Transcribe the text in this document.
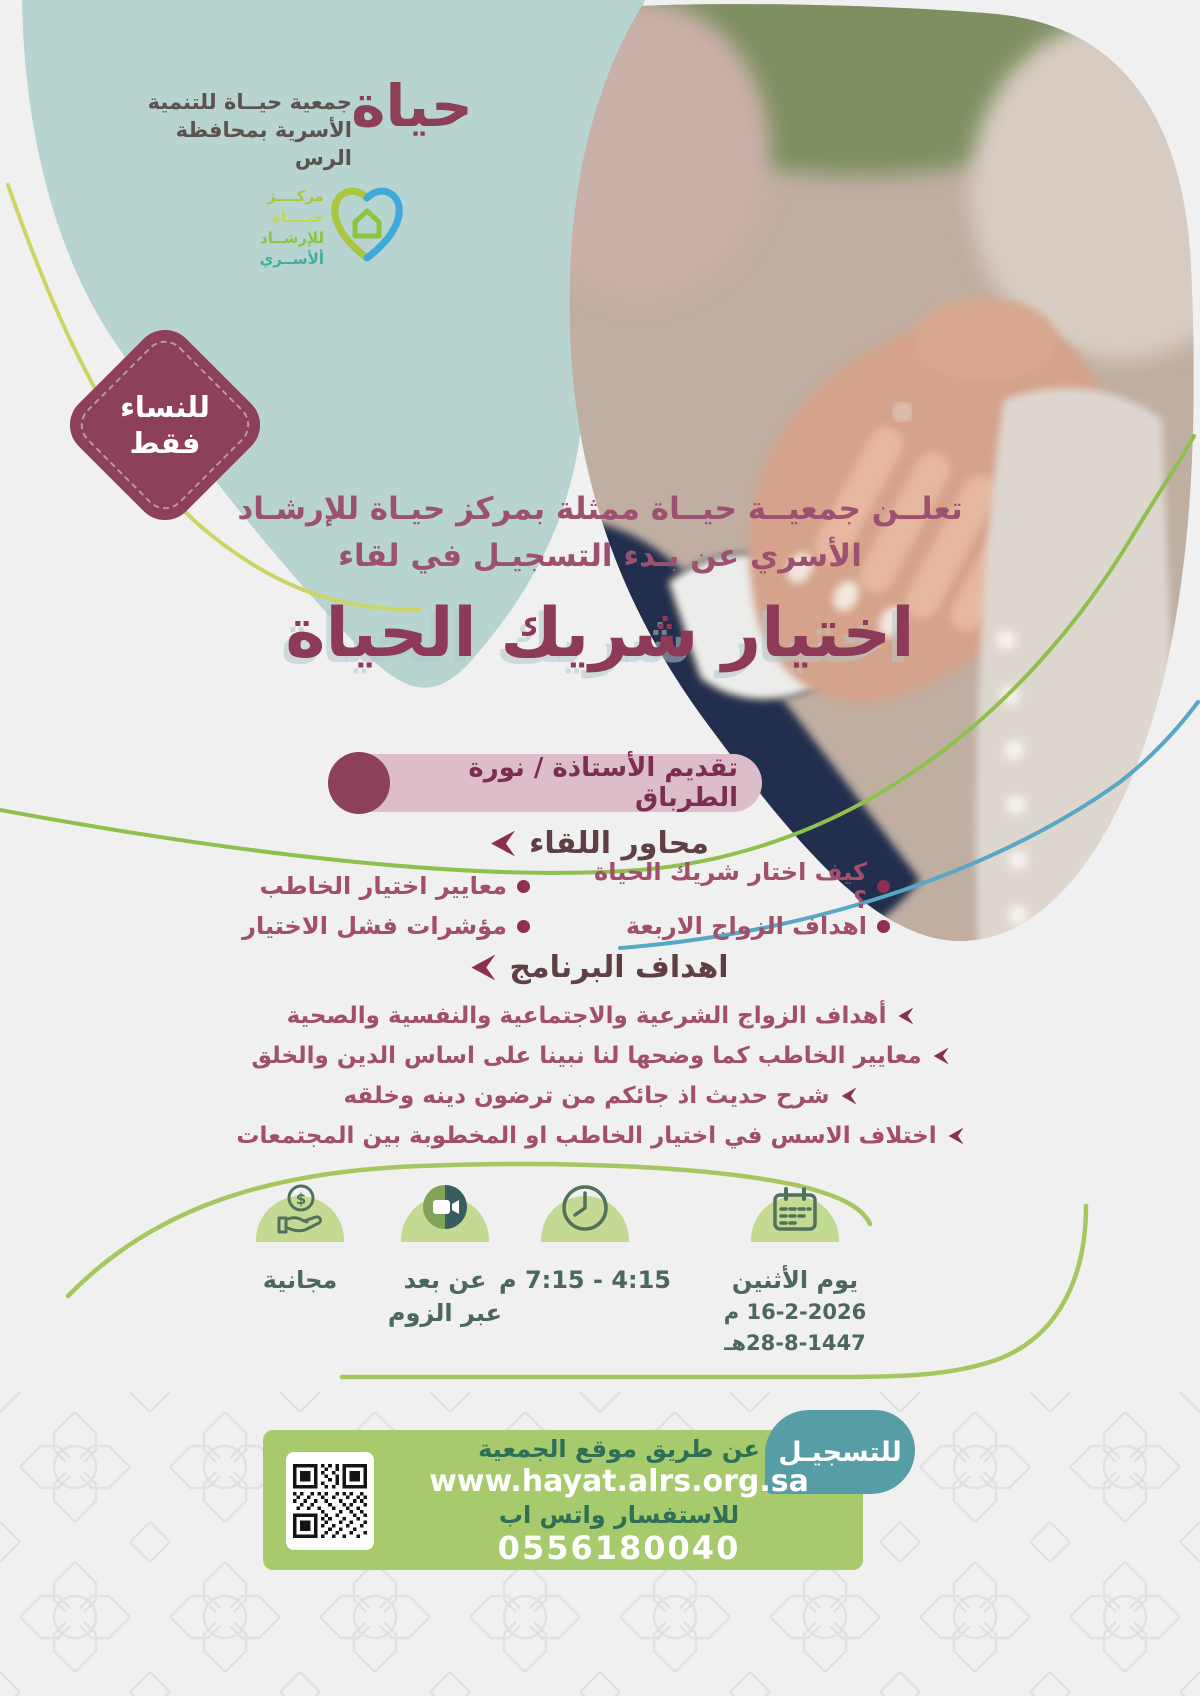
حياة
جمعية حيــاة للتنمية
الأسرية بمحافظة الرس
مركــــز
حيــــاة
للإرشــاد
ألأســري
للنساء
فقط
تعلــن جمعيــة حيــاة ممثلة بمركز حيـاة للإرشـاد
الأسري عن بـدء التسجيـل في لقاء
اختيار شريك الحياة
تقديم الأستاذة / نورة الطرباق
محاور اللقاء
كيف اختار شريك الحياة ؟
معايير اختيار الخاطب
اهداف الزواج الاربعة
مؤشرات فشل الاختيار
اهداف البرنامج
أهداف الزواج الشرعية والاجتماعية والنفسية والصحية
معايير الخاطب كما وضحها لنا نبينا على اساس الدين والخلق
شرح حديث اذ جائكم من ترضون دينه وخلقه
اختلاف الاسس في اختيار الخاطب او المخطوبة بين المجتمعات
$
مجانية	عن بعد
عبر الزوم
4:15 - 7:15 م	يوم الأثنين
16-2-2026 م
28-8-1447هـ
للتسجيـل
عن طريق موقع الجمعية
www.hayat.alrs.org.sa
للاستفسار واتس اب
0556180040
